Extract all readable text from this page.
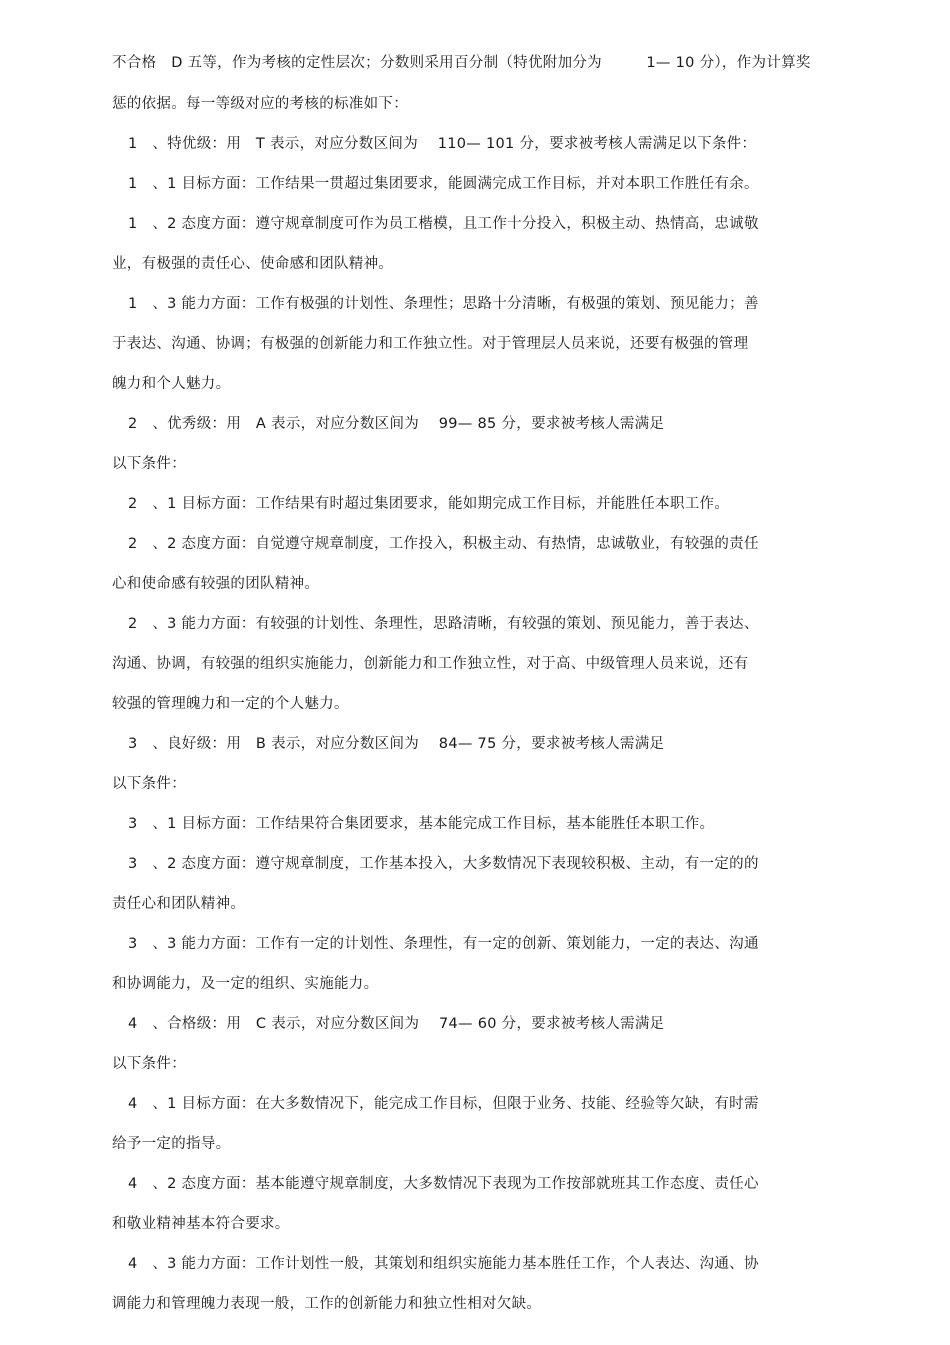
不合格　D 五等，作为考核的定性层次；分数则采用百分制（特优附加分为　　　1— 10 分），作为计算奖
惩的依据。每一等级对应的考核的标准如下：
1　、特优级：用　T 表示，对应分数区间为　 110— 101 分，要求被考核人需满足以下条件：
1　、1 目标方面：工作结果一贯超过集团要求，能圆满完成工作目标，并对本职工作胜任有余。
1　、2 态度方面：遵守规章制度可作为员工楷模，且工作十分投入，积极主动、热情高，忠诚敬
业，有极强的责任心、使命感和团队精神。
1　、3 能力方面：工作有极强的计划性、条理性；思路十分清晰，有极强的策划、预见能力；善
于表达、沟通、协调；有极强的创新能力和工作独立性。对于管理层人员来说，还要有极强的管理
魄力和个人魅力。
2　、优秀级：用　A 表示，对应分数区间为　 99— 85 分，要求被考核人需满足
以下条件：
2　、1 目标方面：工作结果有时超过集团要求，能如期完成工作目标，并能胜任本职工作。
2　、2 态度方面：自觉遵守规章制度，工作投入，积极主动、有热情，忠诚敬业，有较强的责任
心和使命感有较强的团队精神。
2　、3 能力方面：有较强的计划性、条理性，思路清晰，有较强的策划、预见能力，善于表达、
沟通、协调，有较强的组织实施能力，创新能力和工作独立性，对于高、中级管理人员来说，还有
较强的管理魄力和一定的个人魅力。
3　、良好级：用　B 表示，对应分数区间为　 84— 75 分，要求被考核人需满足
以下条件：
3　、1 目标方面：工作结果符合集团要求，基本能完成工作目标，基本能胜任本职工作。
3　、2 态度方面：遵守规章制度，工作基本投入，大多数情况下表现较积极、主动，有一定的的
责任心和团队精神。
3　、3 能力方面：工作有一定的计划性、条理性，有一定的创新、策划能力，一定的表达、沟通
和协调能力，及一定的组织、实施能力。
4　、合格级：用　C 表示，对应分数区间为　 74— 60 分，要求被考核人需满足
以下条件：
4　、1 目标方面：在大多数情况下，能完成工作目标，但限于业务、技能、经验等欠缺，有时需
给予一定的指导。
4　、2 态度方面：基本能遵守规章制度，大多数情况下表现为工作按部就班其工作态度、责任心
和敬业精神基本符合要求。
4　、3 能力方面：工作计划性一般，其策划和组织实施能力基本胜任工作，个人表达、沟通、协
调能力和管理魄力表现一般，工作的创新能力和独立性相对欠缺。
